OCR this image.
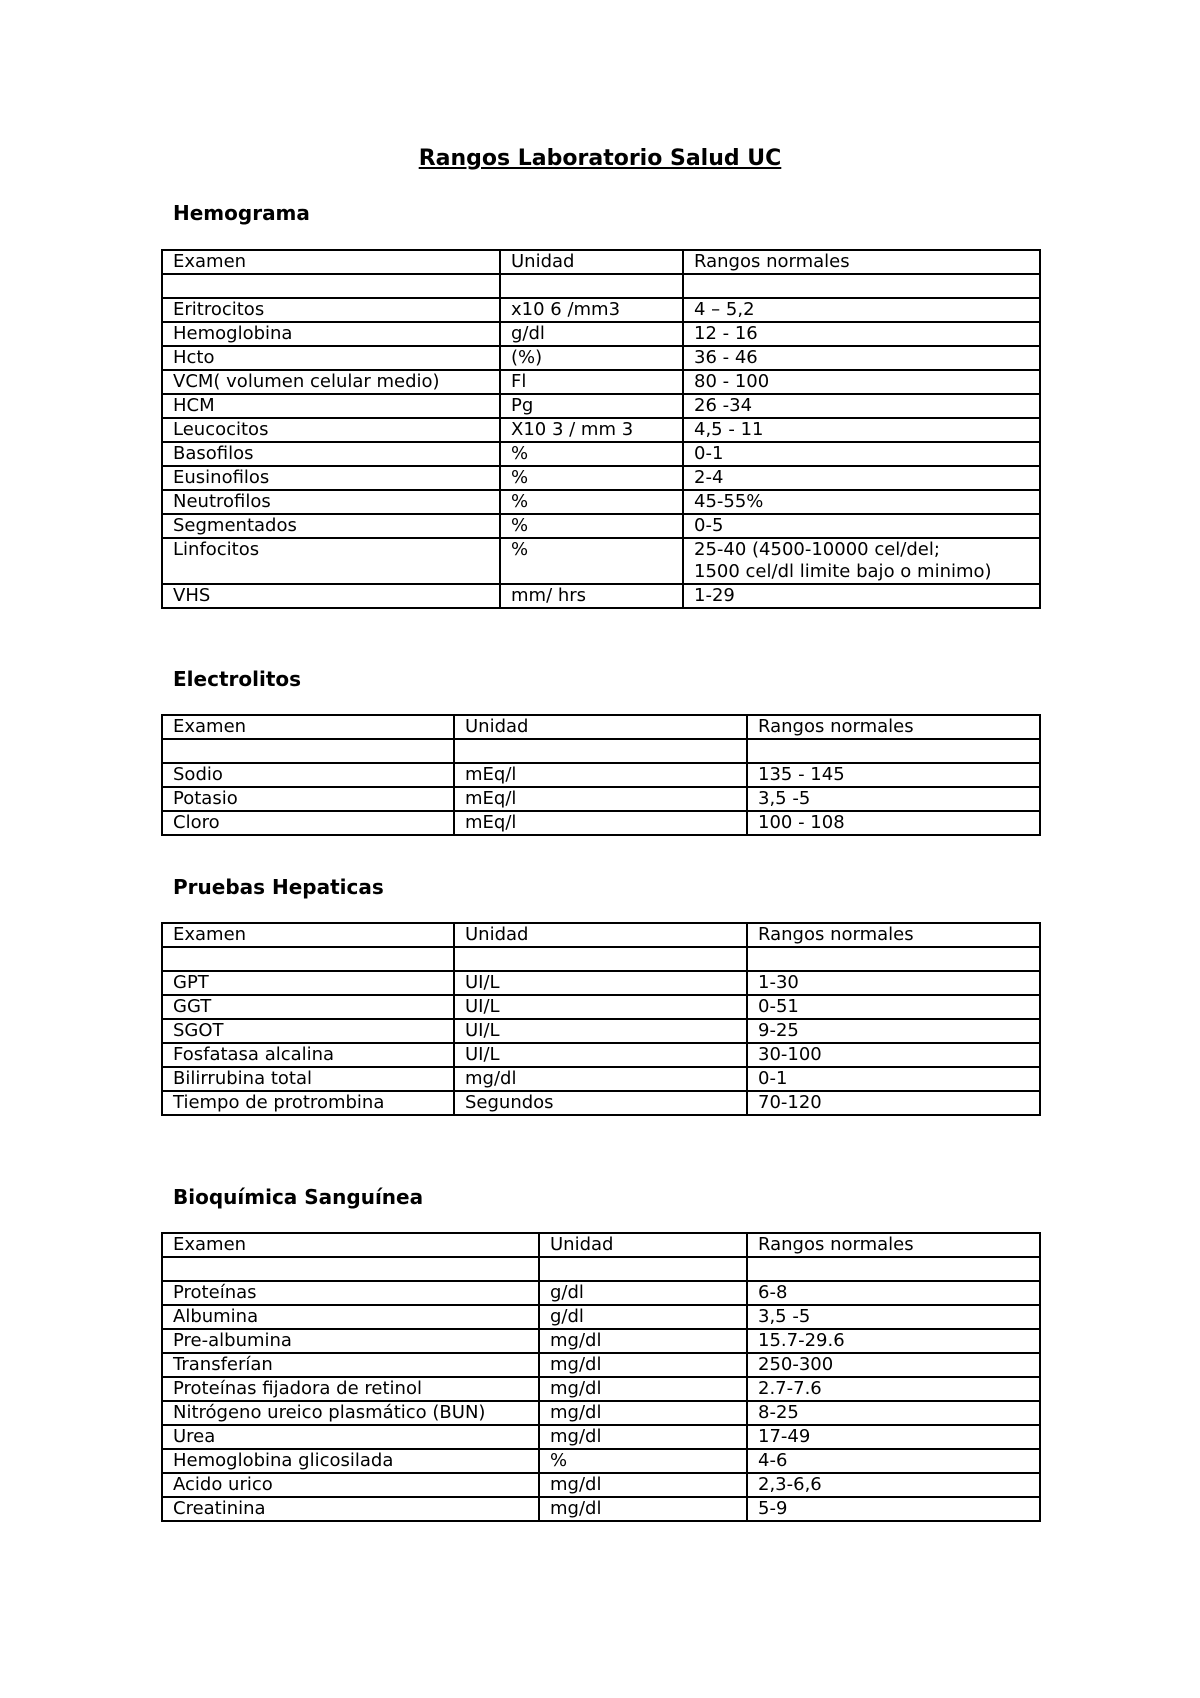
Rangos Laboratorio Salud UC
Hemograma
Examen	Unidad	Rangos normales

Eritrocitos	x10 6 /mm3	4 – 5,2
Hemoglobina	g/dl	12 - 16
Hcto	(%)	36 - 46
VCM( volumen celular medio)	Fl	80 - 100
HCM	Pg	26 -34
Leucocitos	X10 3 / mm 3	4,5 - 11
Basofilos	%	0-1
Eusinofilos	%	2-4
Neutrofilos	%	45-55%
Segmentados	%	0-5
Linfocitos	%	25-40 (4500-10000 cel/del;
1500 cel/dl limite bajo o minimo)

VHS	mm/ hrs	1-29
Electrolitos
Examen	Unidad	Rangos normales

Sodio	mEq/l	135 - 145
Potasio	mEq/l	3,5 -5
Cloro	mEq/l	100 - 108
Pruebas Hepaticas
Examen	Unidad	Rangos normales

GPT	UI/L	1-30
GGT	UI/L	0-51
SGOT	UI/L	9-25
Fosfatasa alcalina	UI/L	30-100
Bilirrubina total	mg/dl	0-1
Tiempo de protrombina	Segundos	70-120
Bioquímica Sanguínea
Examen	Unidad	Rangos normales

Proteínas	g/dl	6-8
Albumina	g/dl	3,5 -5
Pre-albumina	mg/dl	15.7-29.6
Transferían	mg/dl	250-300
Proteínas fijadora de retinol	mg/dl	2.7-7.6
Nitrógeno ureico plasmático (BUN)	mg/dl	8-25
Urea	mg/dl	17-49
Hemoglobina glicosilada	%	4-6
Acido urico	mg/dl	2,3-6,6
Creatinina	mg/dl	5-9
